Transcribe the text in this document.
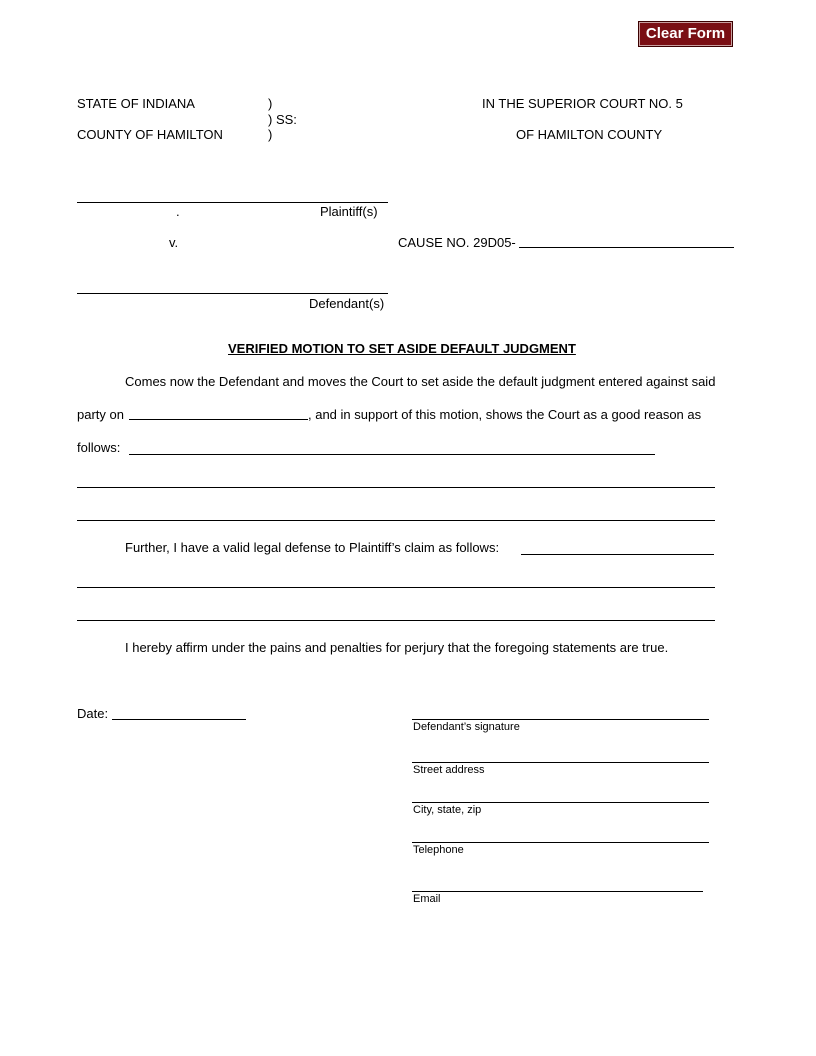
Clear Form
STATE OF INDIANA	)
) SS:
COUNTY OF HAMILTON	)
IN THE SUPERIOR COURT NO. 5
OF HAMILTON COUNTY
.	Plaintiff(s)
v.	CAUSE NO. 29D05-
Defendant(s)
VERIFIED MOTION TO SET ASIDE DEFAULT JUDGMENT
Comes now the Defendant and moves the Court to set aside the default judgment entered against said
party on	, and in support of this motion, shows the Court as a good reason as
follows:
Further, I have a valid legal defense to Plaintiff’s claim as follows:
I hereby affirm under the pains and penalties for perjury that the foregoing statements are true.
Date:
Defendant’s signature
Street address
City, state, zip
Telephone
Email
